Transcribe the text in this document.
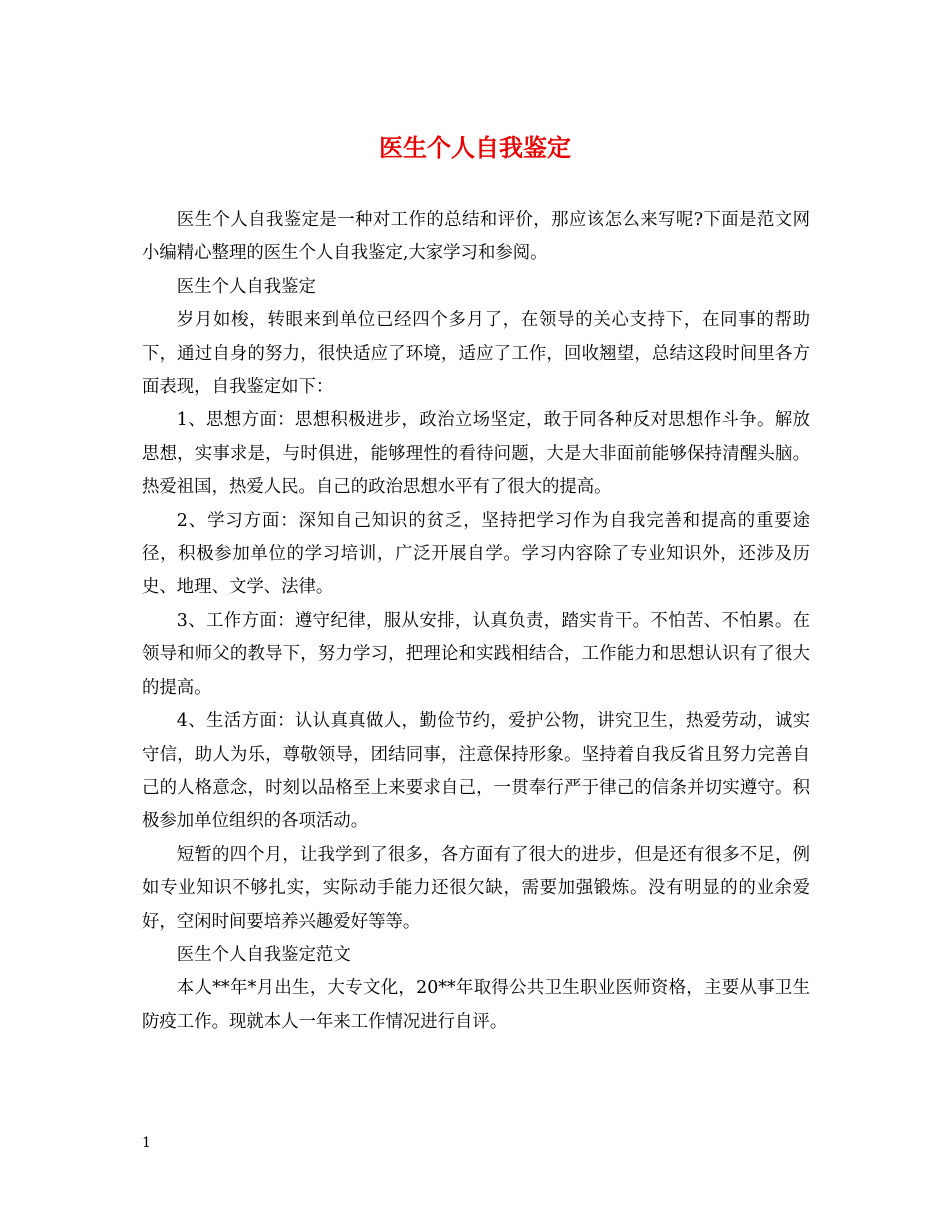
医生个人自我鉴定

医生个人自我鉴定是一种对工作的总结和评价，那应该怎么来写呢?下面是范文网小编精心整理的医生个人自我鉴定,大家学习和参阅。

医生个人自我鉴定

岁月如梭，转眼来到单位已经四个多月了，在领导的关心支持下，在同事的帮助下，通过自身的努力，很快适应了环境，适应了工作，回收翘望，总结这段时间里各方面表现，自我鉴定如下：

1、思想方面：思想积极进步，政治立场坚定，敢于同各种反对思想作斗争。解放思想，实事求是，与时俱进，能够理性的看待问题，大是大非面前能够保持清醒头脑。热爱祖国，热爱人民。自己的政治思想水平有了很大的提高。

2、学习方面：深知自己知识的贫乏，坚持把学习作为自我完善和提高的重要途径，积极参加单位的学习培训，广泛开展自学。学习内容除了专业知识外，还涉及历史、地理、文学、法律。

3、工作方面：遵守纪律，服从安排，认真负责，踏实肯干。不怕苦、不怕累。在领导和师父的教导下，努力学习，把理论和实践相结合，工作能力和思想认识有了很大的提高。

4、生活方面：认认真真做人，勤俭节约，爱护公物，讲究卫生，热爱劳动，诚实守信，助人为乐，尊敬领导，团结同事，注意保持形象。坚持着自我反省且努力完善自己的人格意念，时刻以品格至上来要求自己，一贯奉行严于律己的信条并切实遵守。积极参加单位组织的各项活动。

短暂的四个月，让我学到了很多，各方面有了很大的进步，但是还有很多不足，例如专业知识不够扎实，实际动手能力还很欠缺，需要加强锻炼。没有明显的的业余爱好，空闲时间要培养兴趣爱好等等。

医生个人自我鉴定范文

本人**年*月出生，大专文化，20**年取得公共卫生职业医师资格，主要从事卫生防疫工作。现就本人一年来工作情况进行自评。

1
